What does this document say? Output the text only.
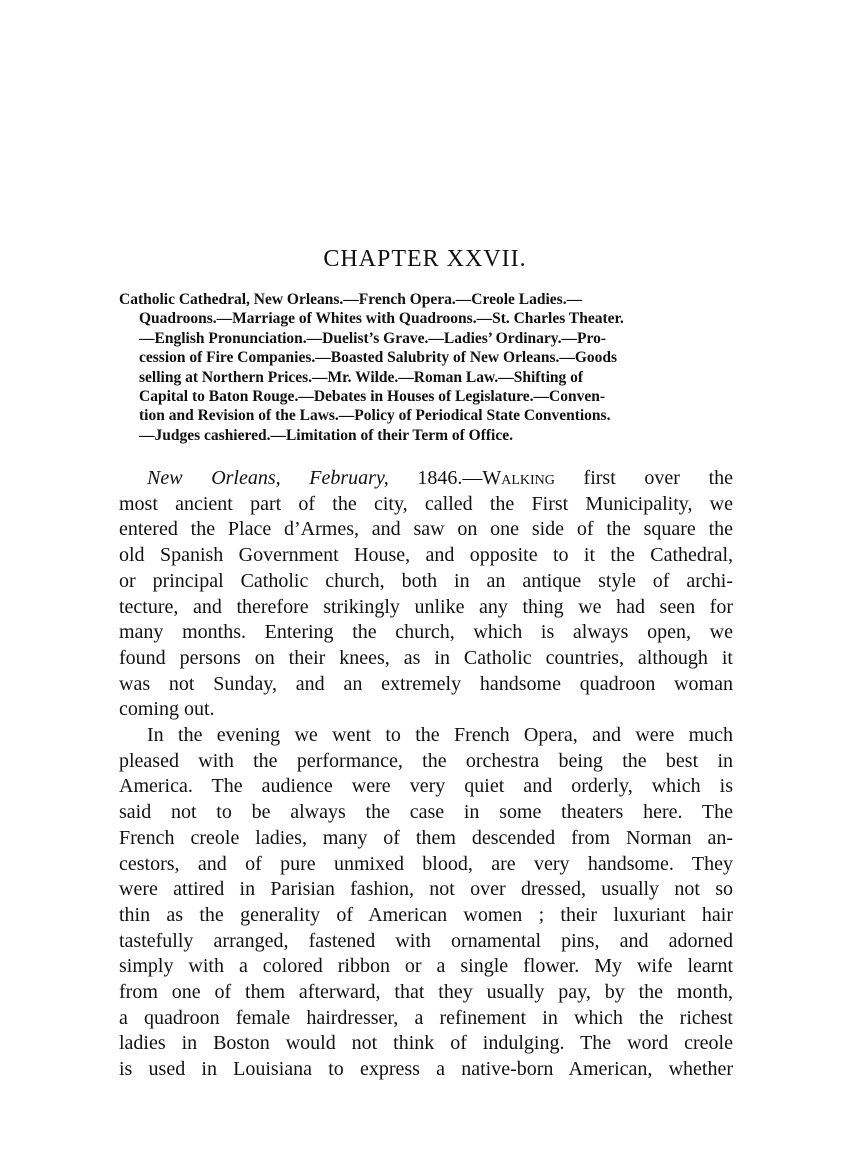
CHAPTER XXVII.
Catholic Cathedral, New Orleans.—French Opera.—Creole Ladies.—
Quadroons.—Marriage of Whites with Quadroons.—St. Charles Theater.
—English Pronunciation.—Duelist’s Grave.—Ladies’ Ordinary.—Pro-
cession of Fire Companies.—Boasted Salubrity of New Orleans.—Goods
selling at Northern Prices.—Mr. Wilde.—Roman Law.—Shifting of
Capital to Baton Rouge.—Debates in Houses of Legislature.—Conven-
tion and Revision of the Laws.—Policy of Periodical State Conventions.
—Judges cashiered.—Limitation of their Term of Office.
New Orleans, February, 1846.—Walking first over the
most ancient part of the city, called the First Municipality, we
entered the Place d’Armes, and saw on one side of the square the
old Spanish Government House, and opposite to it the Cathedral,
or principal Catholic church, both in an antique style of archi-
tecture, and therefore strikingly unlike any thing we had seen for
many months. Entering the church, which is always open, we
found persons on their knees, as in Catholic countries, although it
was not Sunday, and an extremely handsome quadroon woman
coming out.
In the evening we went to the French Opera, and were much
pleased with the performance, the orchestra being the best in
America. The audience were very quiet and orderly, which is
said not to be always the case in some theaters here. The
French creole ladies, many of them descended from Norman an-
cestors, and of pure unmixed blood, are very handsome. They
were attired in Parisian fashion, not over dressed, usually not so
thin as the generality of American women ; their luxuriant hair
tastefully arranged, fastened with ornamental pins, and adorned
simply with a colored ribbon or a single flower. My wife learnt
from one of them afterward, that they usually pay, by the month,
a quadroon female hairdresser, a refinement in which the richest
ladies in Boston would not think of indulging. The word creole
is used in Louisiana to express a native-born American, whether
